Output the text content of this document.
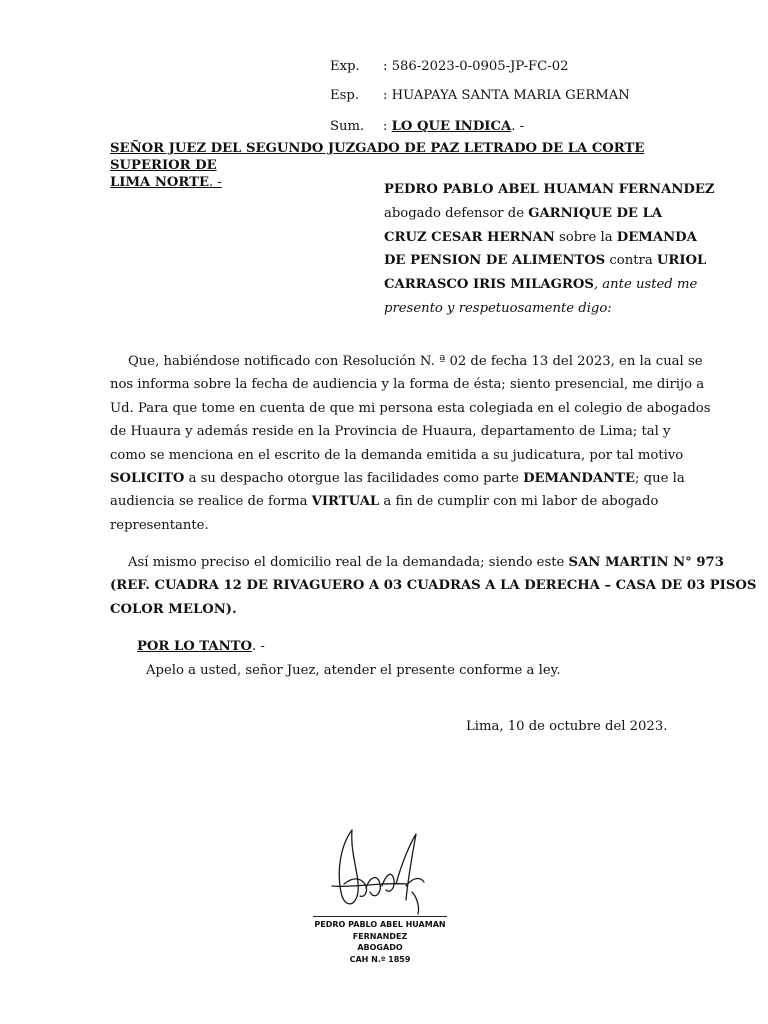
Exp.	: 586-2023-0-0905-JP-FC-02
Esp.	: HUAPAYA SANTA MARIA GERMAN
Sum.	: LO QUE INDICA. -
SEÑOR JUEZ DEL SEGUNDO JUZGADO DE PAZ LETRADO DE LA CORTE SUPERIOR DE
LIMA NORTE. -	PEDRO PABLO ABEL HUAMAN FERNANDEZ
abogado defensor de GARNIQUE DE LA
CRUZ CESAR HERNAN sobre la DEMANDA
DE PENSION DE ALIMENTOS contra URIOL
CARRASCO IRIS MILAGROS, ante usted me
presento y respetuosamente digo:
Que, habiéndose notificado con Resolución N. ª 02 de fecha 13 del 2023, en la cual se
nos informa sobre la fecha de audiencia y la forma de ésta; siento presencial, me dirijo a
Ud. Para que tome en cuenta de que mi persona esta colegiada en el colegio de abogados
de Huaura y además reside en la Provincia de Huaura, departamento de Lima; tal y
como se menciona en el escrito de la demanda emitida a su judicatura, por tal motivo
SOLICITO a su despacho otorgue las facilidades como parte DEMANDANTE; que la
audiencia se realice de forma VIRTUAL a fin de cumplir con mi labor de abogado
representante.
Así mismo preciso el domicilio real de la demandada; siendo este SAN MARTIN N° 973
(REF. CUADRA 12 DE RIVAGUERO A 03 CUADRAS A LA DERECHA – CASA DE 03 PISOS
COLOR MELON).
POR LO TANTO. -
Apelo a usted, señor Juez, atender el presente conforme a ley.
Lima, 10 de octubre del 2023.
PEDRO PABLO ABEL HUAMAN
FERNANDEZ
ABOGADO
CAH N.º 1859
